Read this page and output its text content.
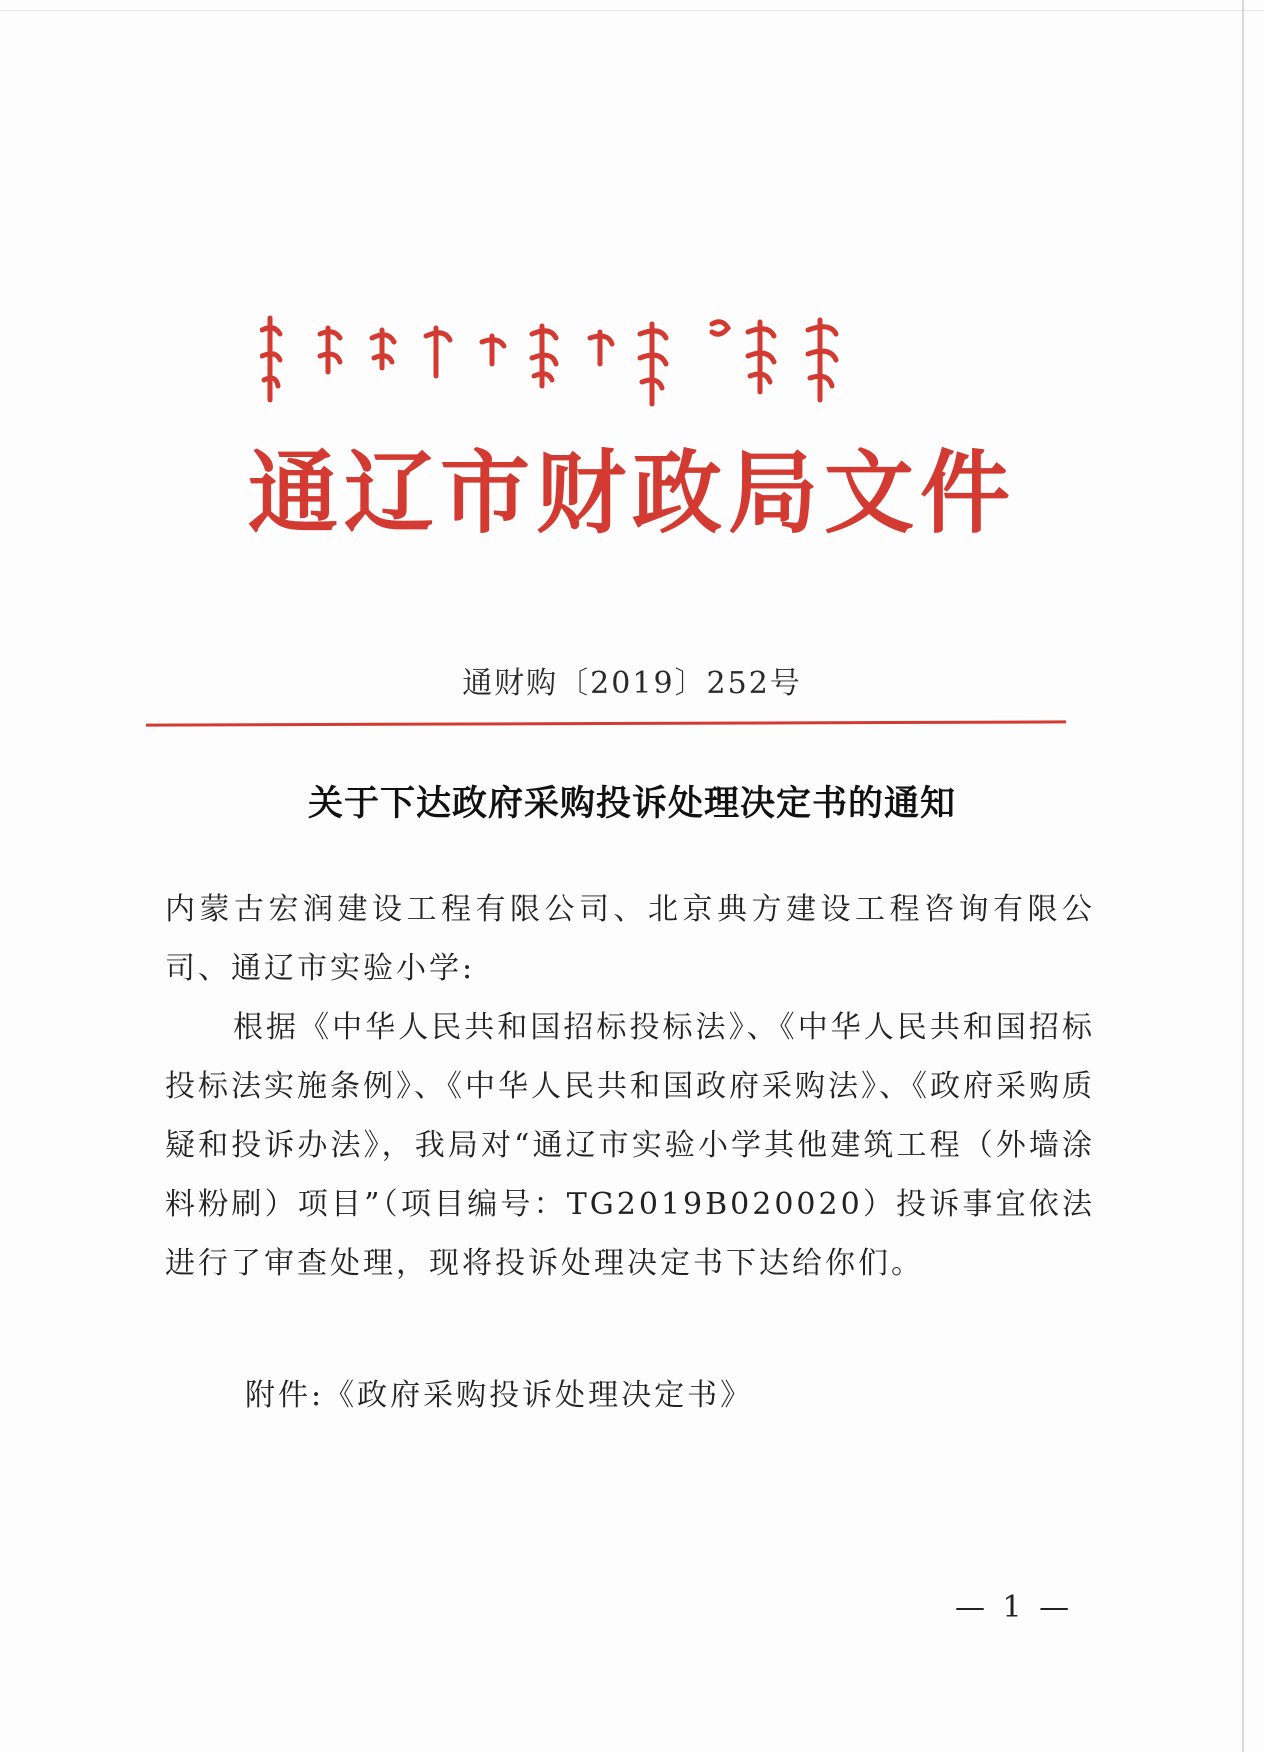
通辽市财政局文件
通财购〔2019〕252号
关于下达政府采购投诉处理决定书的通知

内蒙古宏润建设工程有限公司、北京典方建设工程咨询有限公司、通辽市实验小学:

根据《中华人民共和国招标投标法》、《中华人民共和国招标投标法实施条例》、《中华人民共和国政府采购法》、《政府采购质疑和投诉办法》，我局对“通辽市实验小学其他建筑工程（外墙涂料粉刷）项目”（项目编号：TG2019B020020）投诉事宜依法进行了审查处理，现将投诉处理决定书下达给你们。

附件:《政府采购投诉处理决定书》
— 1 —
